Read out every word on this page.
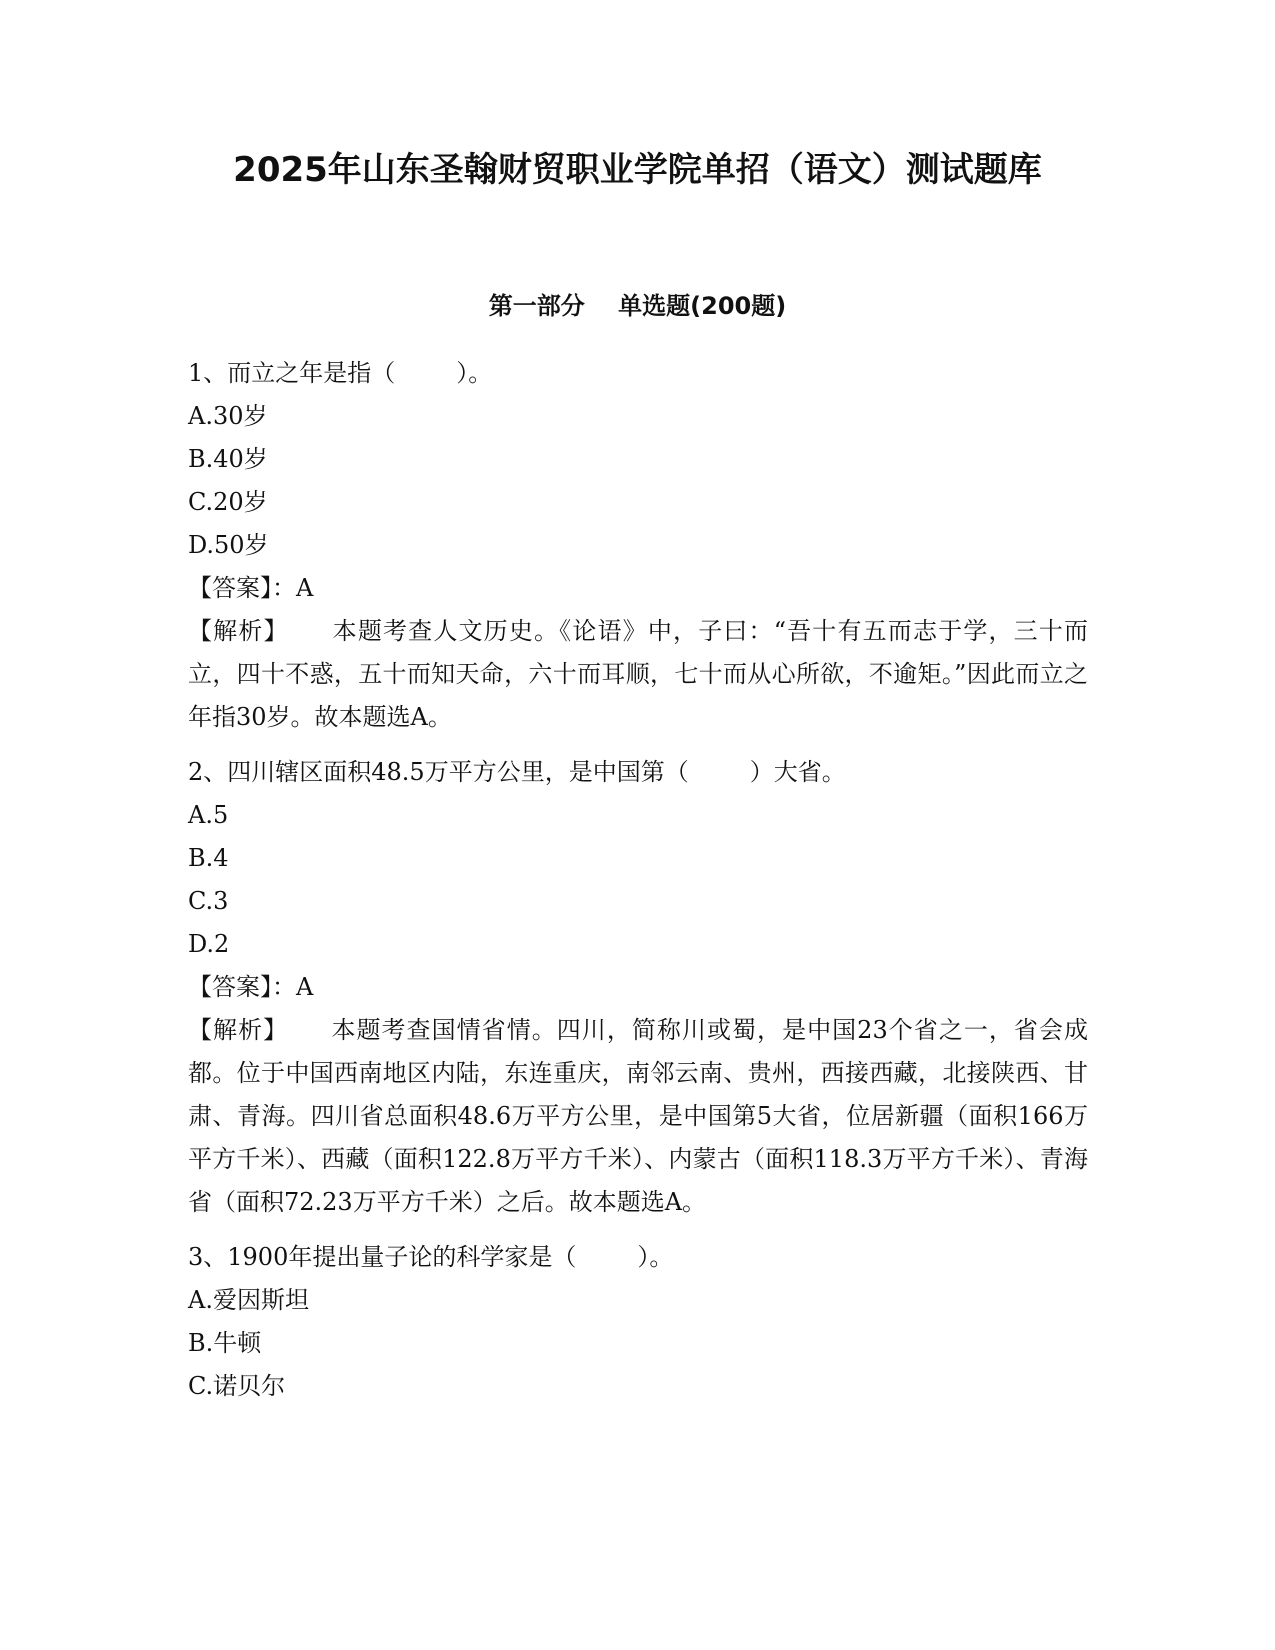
2025年山东圣翰财贸职业学院单招（语文）测试题库
第一部分    单选题(200题)
1、而立之年是指（        ）。
A.30岁
B.40岁
C.20岁
D.50岁
【答案】：A
【解析】     本题考查人文历史。《论语》中，子曰：“吾十有五而志于学，三十而立，四十不惑，五十而知天命，六十而耳顺，七十而从心所欲，不逾矩。”因此而立之年指30岁。故本题选A。
2、四川辖区面积48.5万平方公里，是中国第（        ）大省。
A.5
B.4
C.3
D.2
【答案】：A
【解析】     本题考查国情省情。四川，简称川或蜀，是中国23个省之一，省会成都。位于中国西南地区内陆，东连重庆，南邻云南、贵州，西接西藏，北接陕西、甘肃、青海。四川省总面积48.6万平方公里，是中国第5大省，位居新疆（面积166万平方千米）、西藏（面积122.8万平方千米）、内蒙古（面积118.3万平方千米）、青海省（面积72.23万平方千米）之后。故本题选A。
3、1900年提出量子论的科学家是（        ）。
A.爱因斯坦
B.牛顿
C.诺贝尔
